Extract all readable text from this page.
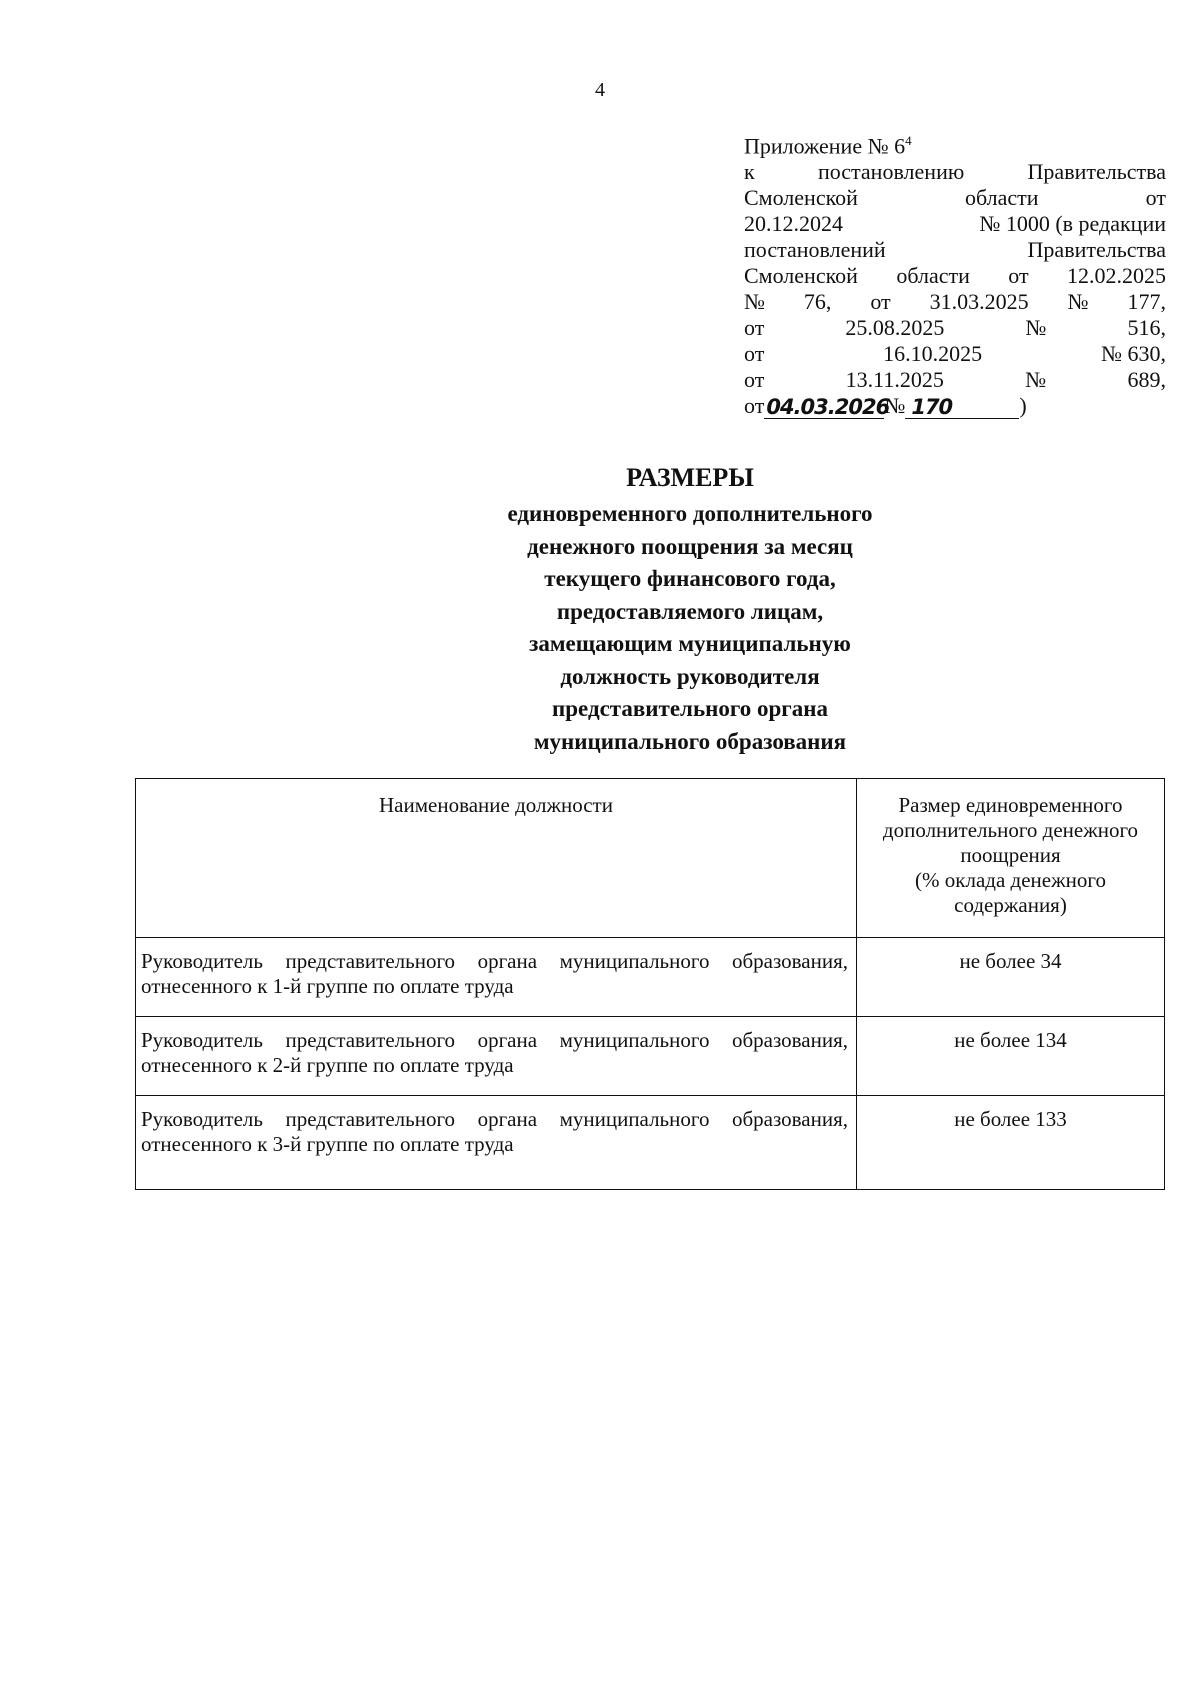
4
Приложение № $6^4$
к	постановлению	Правительства
Смоленской	области	от
20.12.2024	№ 1000 (в редакции
постановлений	Правительства
Смоленской области от 12.02.2025
№ 76, от 31.03.2025 № 177,
от	25.08.2025	№	516,
от	16.10.2025	№ 630,
от	13.11.2025	№	689,
от 04.03.2026
№ 170	)
РАЗМЕРЫ
единовременного дополнительного
денежного поощрения за месяц
текущего финансового года,
предоставляемого лицам,
замещающим муниципальную
должность руководителя
представительного органа
муниципального образования
Наименование должности	Размер единовременного
дополнительного денежного
поощрения
(% оклада денежного
содержания)

Руководитель представительного органа муниципального образования, отнесенного к 1-й группе по оплате труда	не более 34
Руководитель представительного органа муниципального образования, отнесенного к 2-й группе по оплате труда	не более 134
Руководитель представительного органа муниципального образования, отнесенного к 3-й группе по оплате труда	не более 133
